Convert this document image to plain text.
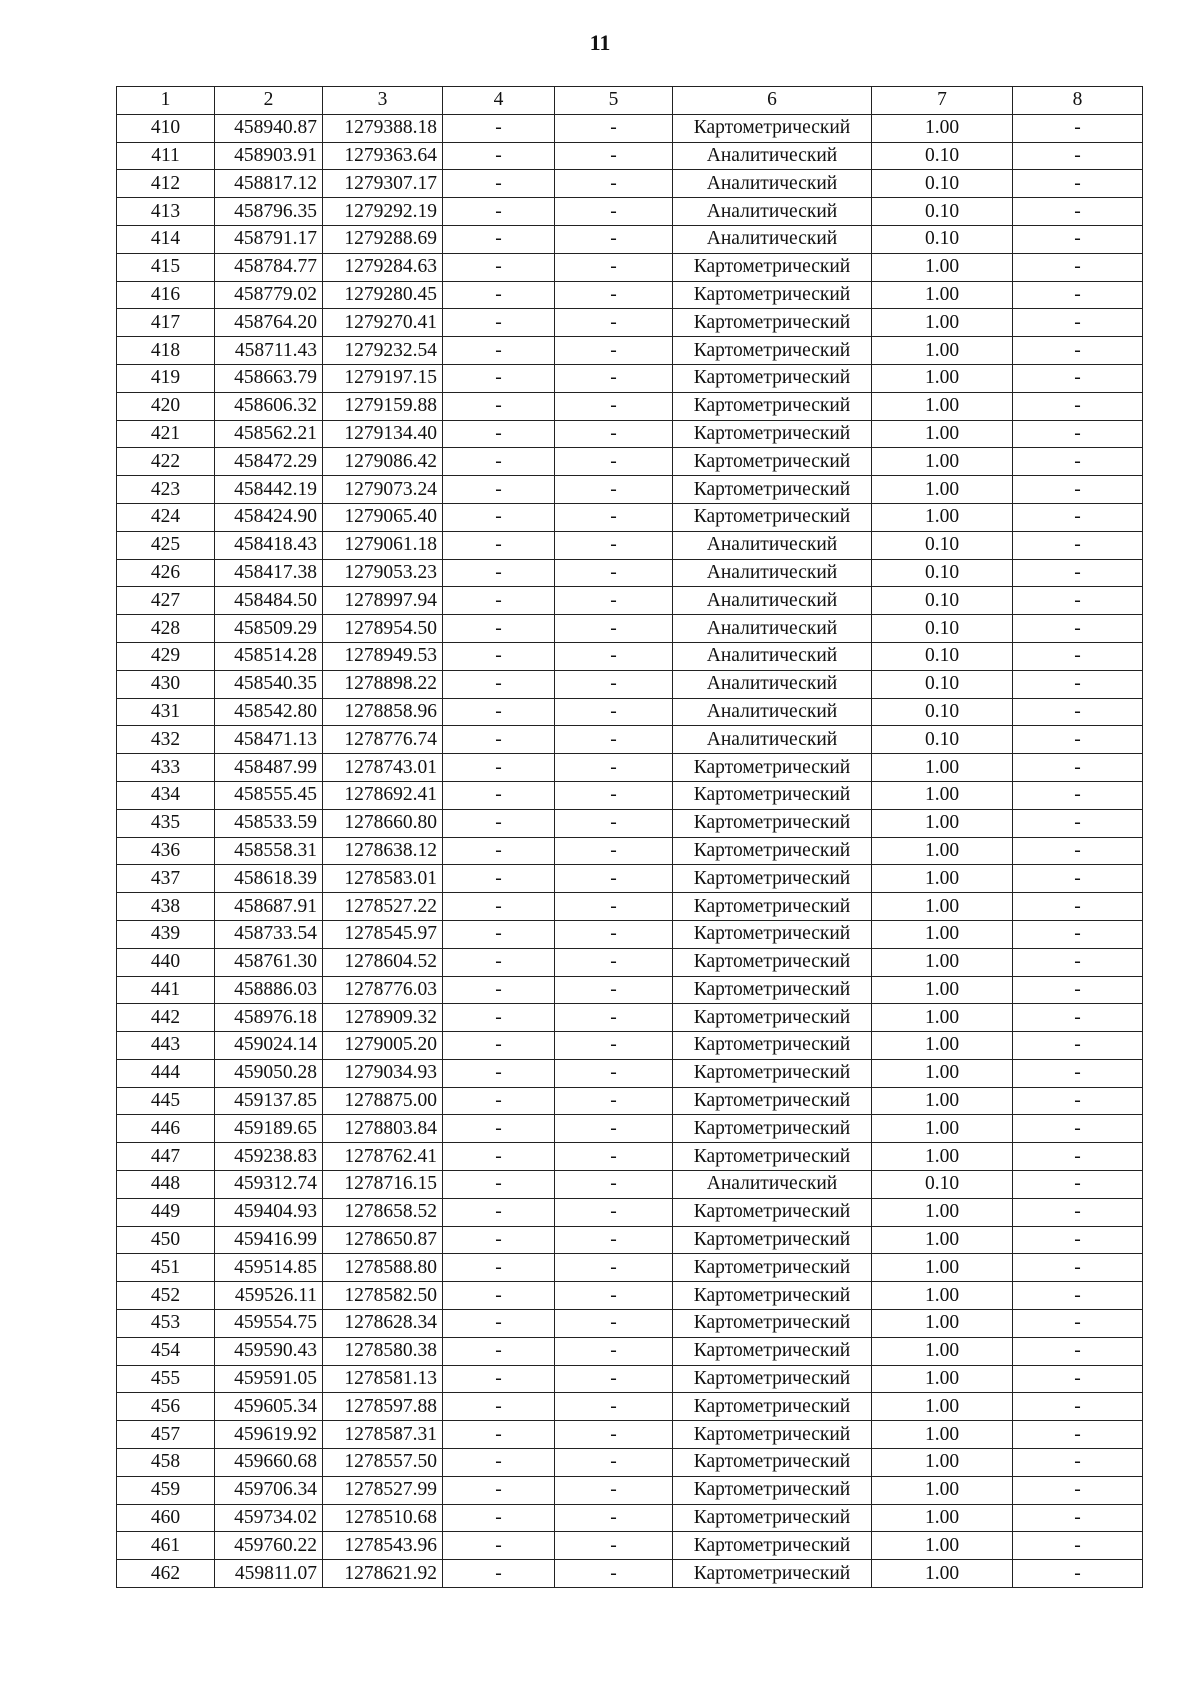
11
1	2	3	4	5	6	7	8
410	458940.87	1279388.18	-	-	Картометрический	1.00	-
411	458903.91	1279363.64	-	-	Аналитический	0.10	-
412	458817.12	1279307.17	-	-	Аналитический	0.10	-
413	458796.35	1279292.19	-	-	Аналитический	0.10	-
414	458791.17	1279288.69	-	-	Аналитический	0.10	-
415	458784.77	1279284.63	-	-	Картометрический	1.00	-
416	458779.02	1279280.45	-	-	Картометрический	1.00	-
417	458764.20	1279270.41	-	-	Картометрический	1.00	-
418	458711.43	1279232.54	-	-	Картометрический	1.00	-
419	458663.79	1279197.15	-	-	Картометрический	1.00	-
420	458606.32	1279159.88	-	-	Картометрический	1.00	-
421	458562.21	1279134.40	-	-	Картометрический	1.00	-
422	458472.29	1279086.42	-	-	Картометрический	1.00	-
423	458442.19	1279073.24	-	-	Картометрический	1.00	-
424	458424.90	1279065.40	-	-	Картометрический	1.00	-
425	458418.43	1279061.18	-	-	Аналитический	0.10	-
426	458417.38	1279053.23	-	-	Аналитический	0.10	-
427	458484.50	1278997.94	-	-	Аналитический	0.10	-
428	458509.29	1278954.50	-	-	Аналитический	0.10	-
429	458514.28	1278949.53	-	-	Аналитический	0.10	-
430	458540.35	1278898.22	-	-	Аналитический	0.10	-
431	458542.80	1278858.96	-	-	Аналитический	0.10	-
432	458471.13	1278776.74	-	-	Аналитический	0.10	-
433	458487.99	1278743.01	-	-	Картометрический	1.00	-
434	458555.45	1278692.41	-	-	Картометрический	1.00	-
435	458533.59	1278660.80	-	-	Картометрический	1.00	-
436	458558.31	1278638.12	-	-	Картометрический	1.00	-
437	458618.39	1278583.01	-	-	Картометрический	1.00	-
438	458687.91	1278527.22	-	-	Картометрический	1.00	-
439	458733.54	1278545.97	-	-	Картометрический	1.00	-
440	458761.30	1278604.52	-	-	Картометрический	1.00	-
441	458886.03	1278776.03	-	-	Картометрический	1.00	-
442	458976.18	1278909.32	-	-	Картометрический	1.00	-
443	459024.14	1279005.20	-	-	Картометрический	1.00	-
444	459050.28	1279034.93	-	-	Картометрический	1.00	-
445	459137.85	1278875.00	-	-	Картометрический	1.00	-
446	459189.65	1278803.84	-	-	Картометрический	1.00	-
447	459238.83	1278762.41	-	-	Картометрический	1.00	-
448	459312.74	1278716.15	-	-	Аналитический	0.10	-
449	459404.93	1278658.52	-	-	Картометрический	1.00	-
450	459416.99	1278650.87	-	-	Картометрический	1.00	-
451	459514.85	1278588.80	-	-	Картометрический	1.00	-
452	459526.11	1278582.50	-	-	Картометрический	1.00	-
453	459554.75	1278628.34	-	-	Картометрический	1.00	-
454	459590.43	1278580.38	-	-	Картометрический	1.00	-
455	459591.05	1278581.13	-	-	Картометрический	1.00	-
456	459605.34	1278597.88	-	-	Картометрический	1.00	-
457	459619.92	1278587.31	-	-	Картометрический	1.00	-
458	459660.68	1278557.50	-	-	Картометрический	1.00	-
459	459706.34	1278527.99	-	-	Картометрический	1.00	-
460	459734.02	1278510.68	-	-	Картометрический	1.00	-
461	459760.22	1278543.96	-	-	Картометрический	1.00	-
462	459811.07	1278621.92	-	-	Картометрический	1.00	-
